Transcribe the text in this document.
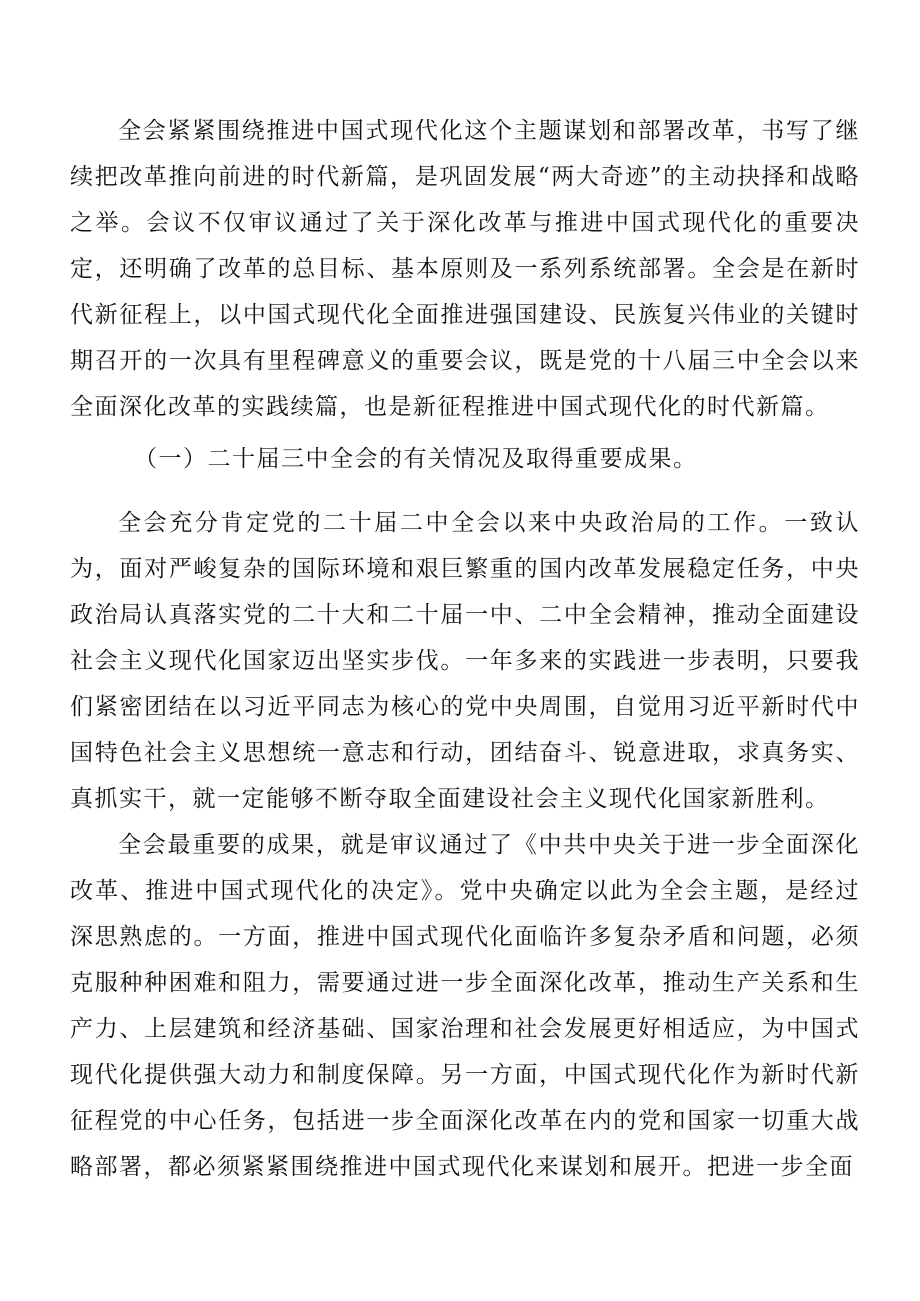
全会紧紧围绕推进中国式现代化这个主题谋划和部署改革，书写了继续把改革推向前进的时代新篇，是巩固发展“两大奇迹”的主动抉择和战略之举。会议不仅审议通过了关于深化改革与推进中国式现代化的重要决定，还明确了改革的总目标、基本原则及一系列系统部署。全会是在新时代新征程上，以中国式现代化全面推进强国建设、民族复兴伟业的关键时期召开的一次具有里程碑意义的重要会议，既是党的十八届三中全会以来全面深化改革的实践续篇，也是新征程推进中国式现代化的时代新篇。

（一）二十届三中全会的有关情况及取得重要成果。

全会充分肯定党的二十届二中全会以来中央政治局的工作。一致认为，面对严峻复杂的国际环境和艰巨繁重的国内改革发展稳定任务，中央政治局认真落实党的二十大和二十届一中、二中全会精神，推动全面建设社会主义现代化国家迈出坚实步伐。一年多来的实践进一步表明，只要我们紧密团结在以习近平同志为核心的党中央周围，自觉用习近平新时代中国特色社会主义思想统一意志和行动，团结奋斗、锐意进取，求真务实、真抓实干，就一定能够不断夺取全面建设社会主义现代化国家新胜利。

全会最重要的成果，就是审议通过了《中共中央关于进一步全面深化改革、推进中国式现代化的决定》。党中央确定以此为全会主题，是经过深思熟虑的。一方面，推进中国式现代化面临许多复杂矛盾和问题，必须克服种种困难和阻力，需要通过进一步全面深化改革，推动生产关系和生产力、上层建筑和经济基础、国家治理和社会发展更好相适应，为中国式现代化提供强大动力和制度保障。另一方面，中国式现代化作为新时代新征程党的中心任务，包括进一步全面深化改革在内的党和国家一切重大战略部署，都必须紧紧围绕推进中国式现代化来谋划和展开。把进一步全面
